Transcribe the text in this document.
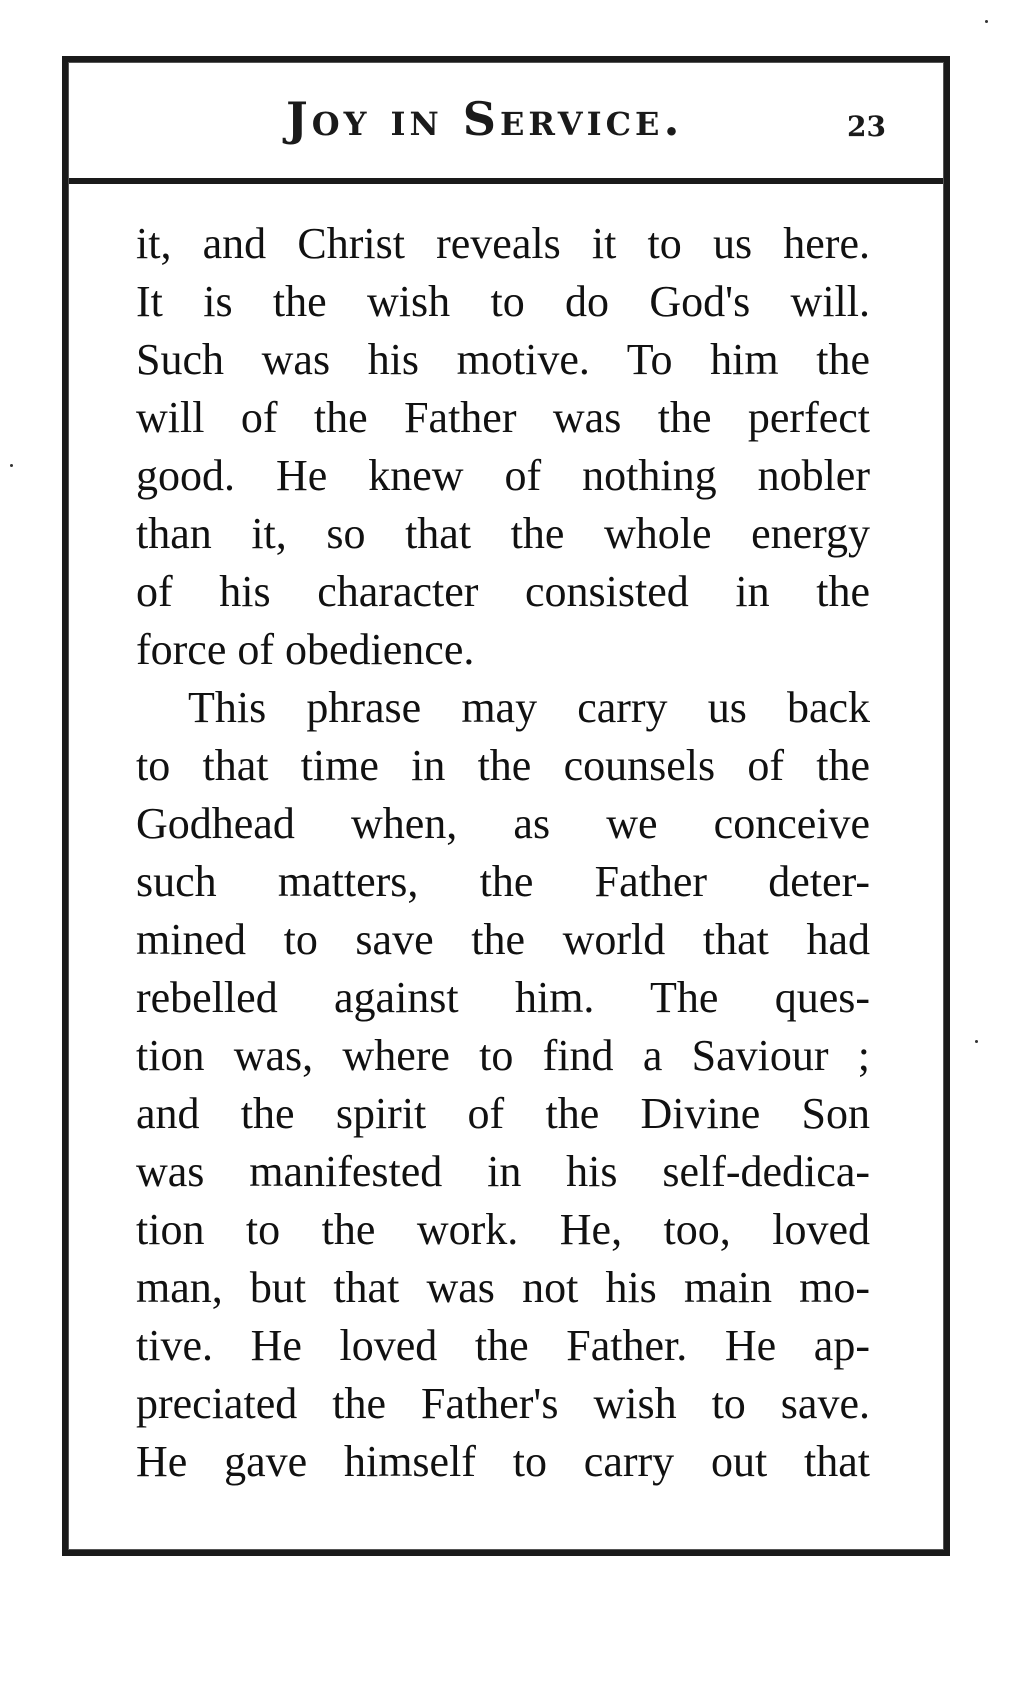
Joy in Service.	23
it, and Christ reveals it to us here.
It is the wish to do God's will.
Such was his motive. To him the
will of the Father was the perfect
good. He knew of nothing nobler
than it, so that the whole energy
of his character consisted in the
force of obedience.
This phrase may carry us back
to that time in the counsels of the
Godhead when, as we conceive
such matters, the Father deter-
mined to save the world that had
rebelled against him. The ques-
tion was, where to find a Saviour ;
and the spirit of the Divine Son
was manifested in his self-dedica-
tion to the work. He, too, loved
man, but that was not his main mo-
tive. He loved the Father. He ap-
preciated the Father's wish to save.
He gave himself to carry out that
